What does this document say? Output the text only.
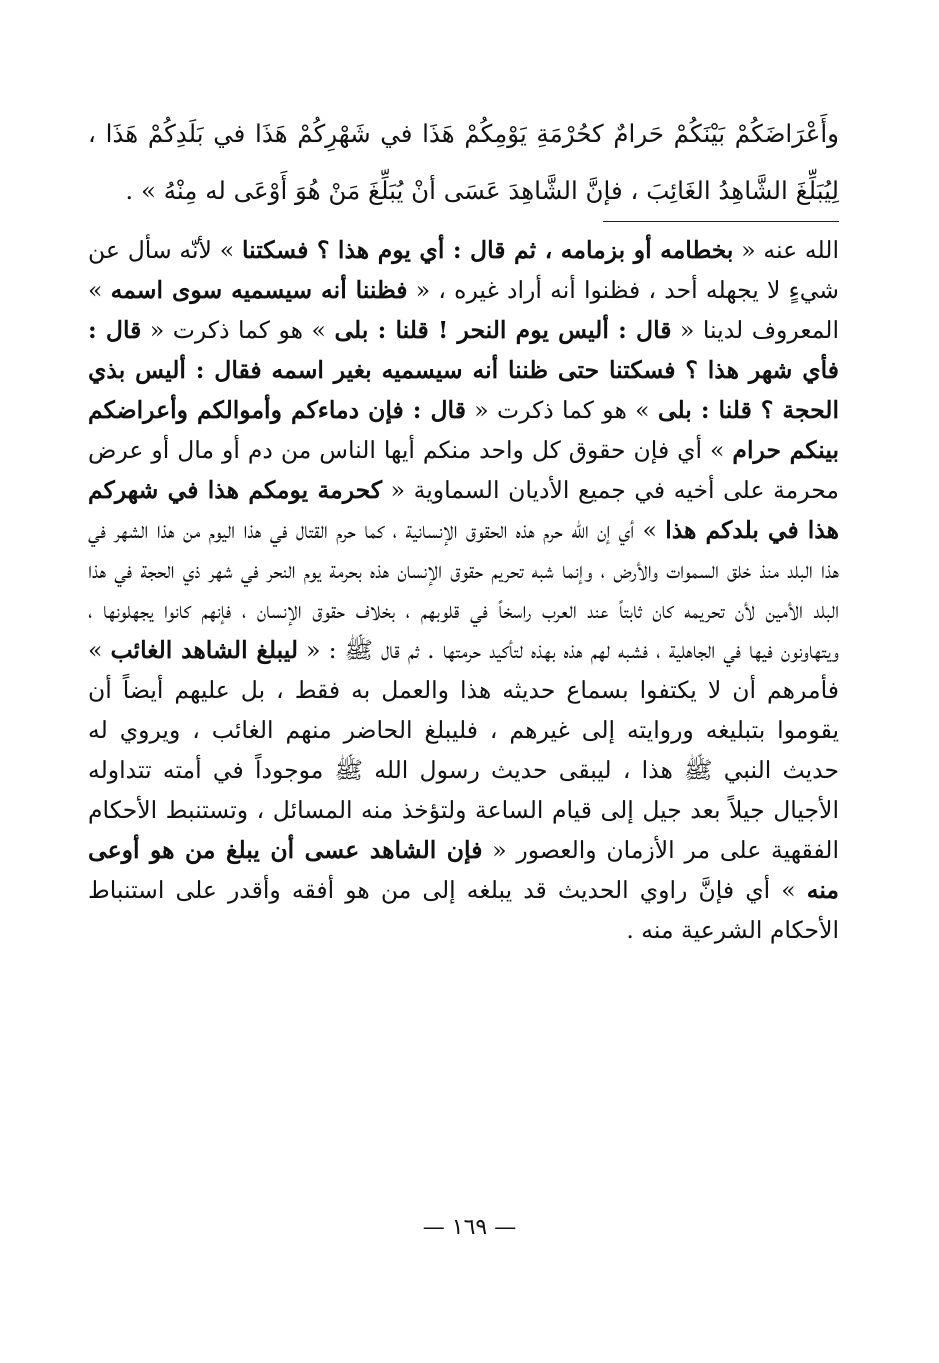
وأَعْرَاضَكُمْ بَيْنَكُمْ حَرامٌ كحُرْمَةِ يَوْمِكُمْ هَذَا في شَهْرِكُمْ هَذَا في بَلَدِكُمْ هَذَا ، لِيُبَلِّغَ الشَّاهِدُ الغَائِبَ ، فإنَّ الشَّاهِدَ عَسَى أنْ يُبَلِّغَ مَنْ هُوَ أَوْعَى له مِنْهُ » .

الله عنه « بخطامه أو بزمامه ، ثم قال : أي يوم هذا ؟ فسكتنا » لأنّه سأل عن شيءٍ لا يجهله أحد ، فظنوا أنه أراد غيره ، « فظننا أنه سيسميه سوى اسمه » المعروف لدينا « قال : أليس يوم النحر ! قلنا : بلى » هو كما ذكرت « قال : فأي شهر هذا ؟ فسكتنا حتى ظننا أنه سيسميه بغير اسمه فقال : أليس بذي الحجة ؟ قلنا : بلى » هو كما ذكرت « قال : فإن دماءكم وأموالكم وأعراضكم بينكم حرام » أي فإن حقوق كل واحد منكم أيها الناس من دم أو مال أو عرض محرمة على أخيه في جميع الأديان السماوية « كحرمة يومكم هذا في شهركم هذا في بلدكم هذا » أي إن الله حرم هذه الحقوق الإنسانية ، كما حرم القتال في هذا اليوم من هذا الشهر في هذا البلد منذ خلق السموات والأرض ، وإنما شبه تحريم حقوق الإنسان هذه بحرمة يوم النحر في شهر ذي الحجة في هذا البلد الأمين لأن تحريمه كان ثابتاً عند العرب راسخاً في قلوبهم ، بخلاف حقوق الإنسان ، فإنهم كانوا يجهلونها ، ويتهاونون فيها في الجاهلية ، فشبه لهم هذه بهذه لتأكيد حرمتها . ثم قال ﷺ : « ليبلغ الشاهد الغائب » فأمرهم أن لا يكتفوا بسماع حديثه هذا والعمل به فقط ، بل عليهم أيضاً أن يقوموا بتبليغه وروايته إلى غيرهم ، فليبلغ الحاضر منهم الغائب ، ويروي له حديث النبي ﷺ هذا ، ليبقى حديث رسول الله ﷺ موجوداً في أمته تتداوله الأجيال جيلاً بعد جيل إلى قيام الساعة ولتؤخذ منه المسائل ، وتستنبط الأحكام الفقهية على مر الأزمان والعصور « فإن الشاهد عسى أن يبلغ من هو أوعى منه » أي فإنَّ راوي الحديث قد يبلغه إلى من هو أفقه وأقدر على استنباط الأحكام الشرعية منه .

— ١٦٩ —
